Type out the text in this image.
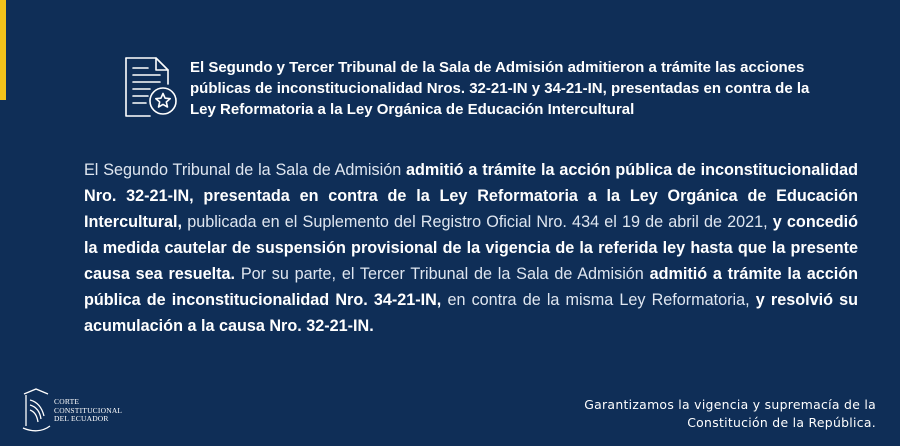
El Segundo y Tercer Tribunal de la Sala de Admisión admitieron a trámite las acciones públicas de inconstitucionalidad Nros. 32-21-IN y 34-21-IN, presentadas en contra de la Ley Reformatoria a la Ley Orgánica de Educación Intercultural
El Segundo Tribunal de la Sala de Admisión admitió a trámite la acción pública de inconstitucionalidad Nro. 32-21-IN, presentada en contra de la Ley Reformatoria a la Ley Orgánica de Educación Intercultural, publicada en el Suplemento del Registro Oficial Nro. 434 el 19 de abril de 2021, y concedió la medida cautelar de suspensión provisional de la vigencia de la referida ley hasta que la presente causa sea resuelta. Por su parte, el Tercer Tribunal de la Sala de Admisión admitió a trámite la acción pública de inconstitucionalidad Nro. 34-21-IN, en contra de la misma Ley Reformatoria, y resolvió su acumulación a la causa Nro. 32-21-IN.
CORTE
CONSTITUCIONAL
DEL ECUADOR
Garantizamos la vigencia y supremacía de la
Constitución de la República.
